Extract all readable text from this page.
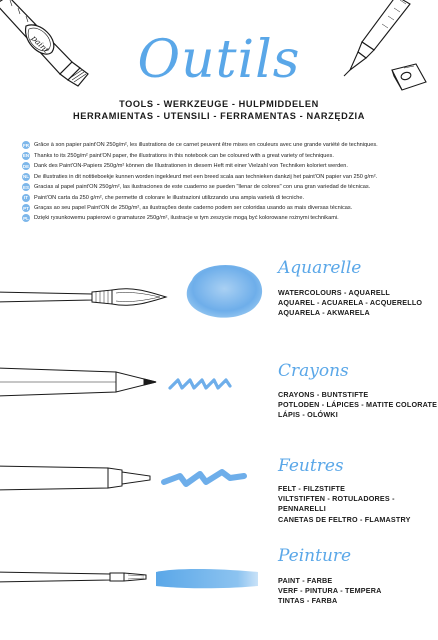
paint	Outils
TOOLS - WERKZEUGE - HULPMIDDELEN
HERRAMIENTAS - UTENSILI - FERRAMENTAS - NARZĘDZIA
FR Grâce à son papier paint'ON 250g/m², les illustrations de ce carnet peuvent être mises en couleurs avec une grande variété de techniques.
EN Thanks to its 250g/m² paint'ON paper, the illustrations in this notebook can be coloured with a great variety of techniques.
DE Dank des Paint'ON-Papiers 250g/m² können die Illustrationen in diesem Heft mit einer Vielzahl von Techniken koloriert werden.
NL De illustraties in dit notitieboekje kunnen worden ingekleurd met een breed scala aan technieken dankzij het paint'ON papier van 250 g/m².
ES Gracias al papel paint'ON 250g/m², las ilustraciones de este cuaderno se pueden "llenar de colores" con una gran variedad de técnicas.
IT	Paint'ON carta da 250 g/m², che permette di colorare le illustrazioni utilizzando una ampia varietà di tecniche.
PT Graças ao seu papel Paint'ON de 250g/m², as ilustrações deste caderno podem ser coloridas usando as mais diversas técnicas.
PL Dzięki rysunkowemu papierowi o gramaturze 250g/m², ilustracje w tym zeszycie mogą być kolorowane rożnymi technikami.
Aquarelle
WATERCOLOURS - AQUARELL
AQUAREL - ACUARELA - ACQUERELLO
AQUARELA - AKWARELA
Crayons
CRAYONS - BUNTSTIFTE
POTLODEN - LÁPICES - MATITE COLORATE
LÁPIS - OLÓWKI
Feutres
FELT - FILZSTIFTE
VILTSTIFTEN - ROTULADORES - PENNARELLI
CANETAS DE FELTRO - FLAMASTRY
Peinture
PAINT - FARBE
VERF - PINTURA - TEMPERA
TINTAS - FARBA
